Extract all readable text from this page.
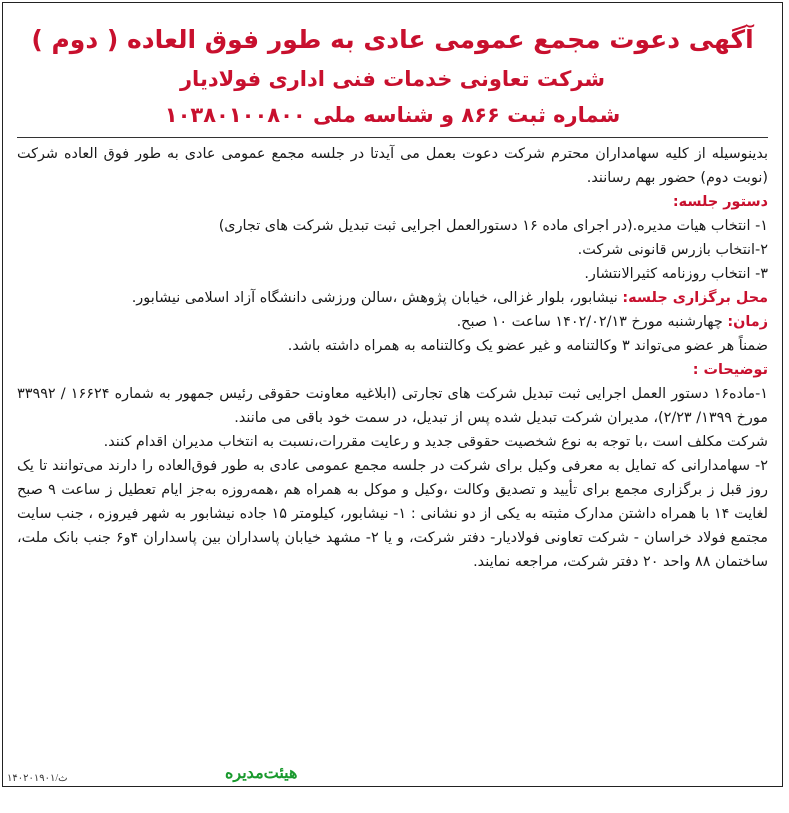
آگهی دعوت مجمع عمومی عادی به طور فوق العاده ( دوم )
شرکت تعاونی خدمات فنی اداری فولادیار
شماره ثبت ۸۶۶ و شناسه ملی ۱۰۳۸۰۱۰۰۸۰۰
بدینوسیله از کلیه سهامداران محترم شرکت دعوت بعمل می آیدتا در جلسه مجمع عمومی عادی به طور فوق العاده شرکت (نوبت دوم) حضور بهم رسانند.
دستور جلسه:
۱- انتخاب هیات مدیره.(در اجرای ماده ۱۶ دستورالعمل اجرایی ثبت تبدیل شرکت های تجاری)
۲-انتخاب بازرس قانونی شرکت.
۳- انتخاب روزنامه کثیرالانتشار.
محل برگزاری جلسه: نیشابور، بلوار غزالی، خیابان پژوهش ،سالن ورزشی دانشگاه آزاد اسلامی نیشابور.
زمان: چهارشنبه مورخ ۱۴۰۲/۰۲/۱۳ ساعت ۱۰ صبح.
ضمناً هر عضو می‌تواند ۳ وکالتنامه و غیر عضو یک وکالتنامه به همراه داشته باشد.
توضیحات :
۱-ماده۱۶ دستور العمل اجرایی ثبت تبدیل شرکت های تجارتی (ابلاغیه معاونت حقوقی رئیس جمهور به شماره ۱۶۶۲۴ / ۳۳۹۹۲ مورخ ۱۳۹۹/ ۲/۲۳)، مدیران شرکت تبدیل شده پس از تبدیل، در سمت خود باقی می مانند.
شرکت مکلف است ،با توجه به نوع شخصیت حقوقی جدید و رعایت مقررات،نسبت به انتخاب مدیران اقدام کنند.
۲- سهامدارانی که تمایل به معرفی وکیل برای شرکت در جلسه مجمع عمومی عادی به طور فوق‌العاده را دارند می‌توانند تا یک روز قبل ز برگزاری مجمع برای تأیید و تصدیق وکالت ،وکیل و موکل به همراه هم ،همه‌روزه به‌جز ایام تعطیل ز ساعت ۹ صبح لغایت ۱۴ با همراه داشتن مدارک مثبته به یکی از دو نشانی : ۱- نیشابور، کیلومتر ۱۵ جاده نیشابور به شهر فیروزه ، جنب سایت مجتمع فولاد خراسان - شرکت تعاونی فولادیار- دفتر شرکت، و یا ۲- مشهد خیابان پاسداران بین پاسداران ۴و۶ جنب بانک ملت، ساختمان ۸۸ واحد ۲۰ دفتر شرکت، مراجعه نمایند.
هیئت‌مدیره
۱۴۰۲۰۱۹۰۱/ث
